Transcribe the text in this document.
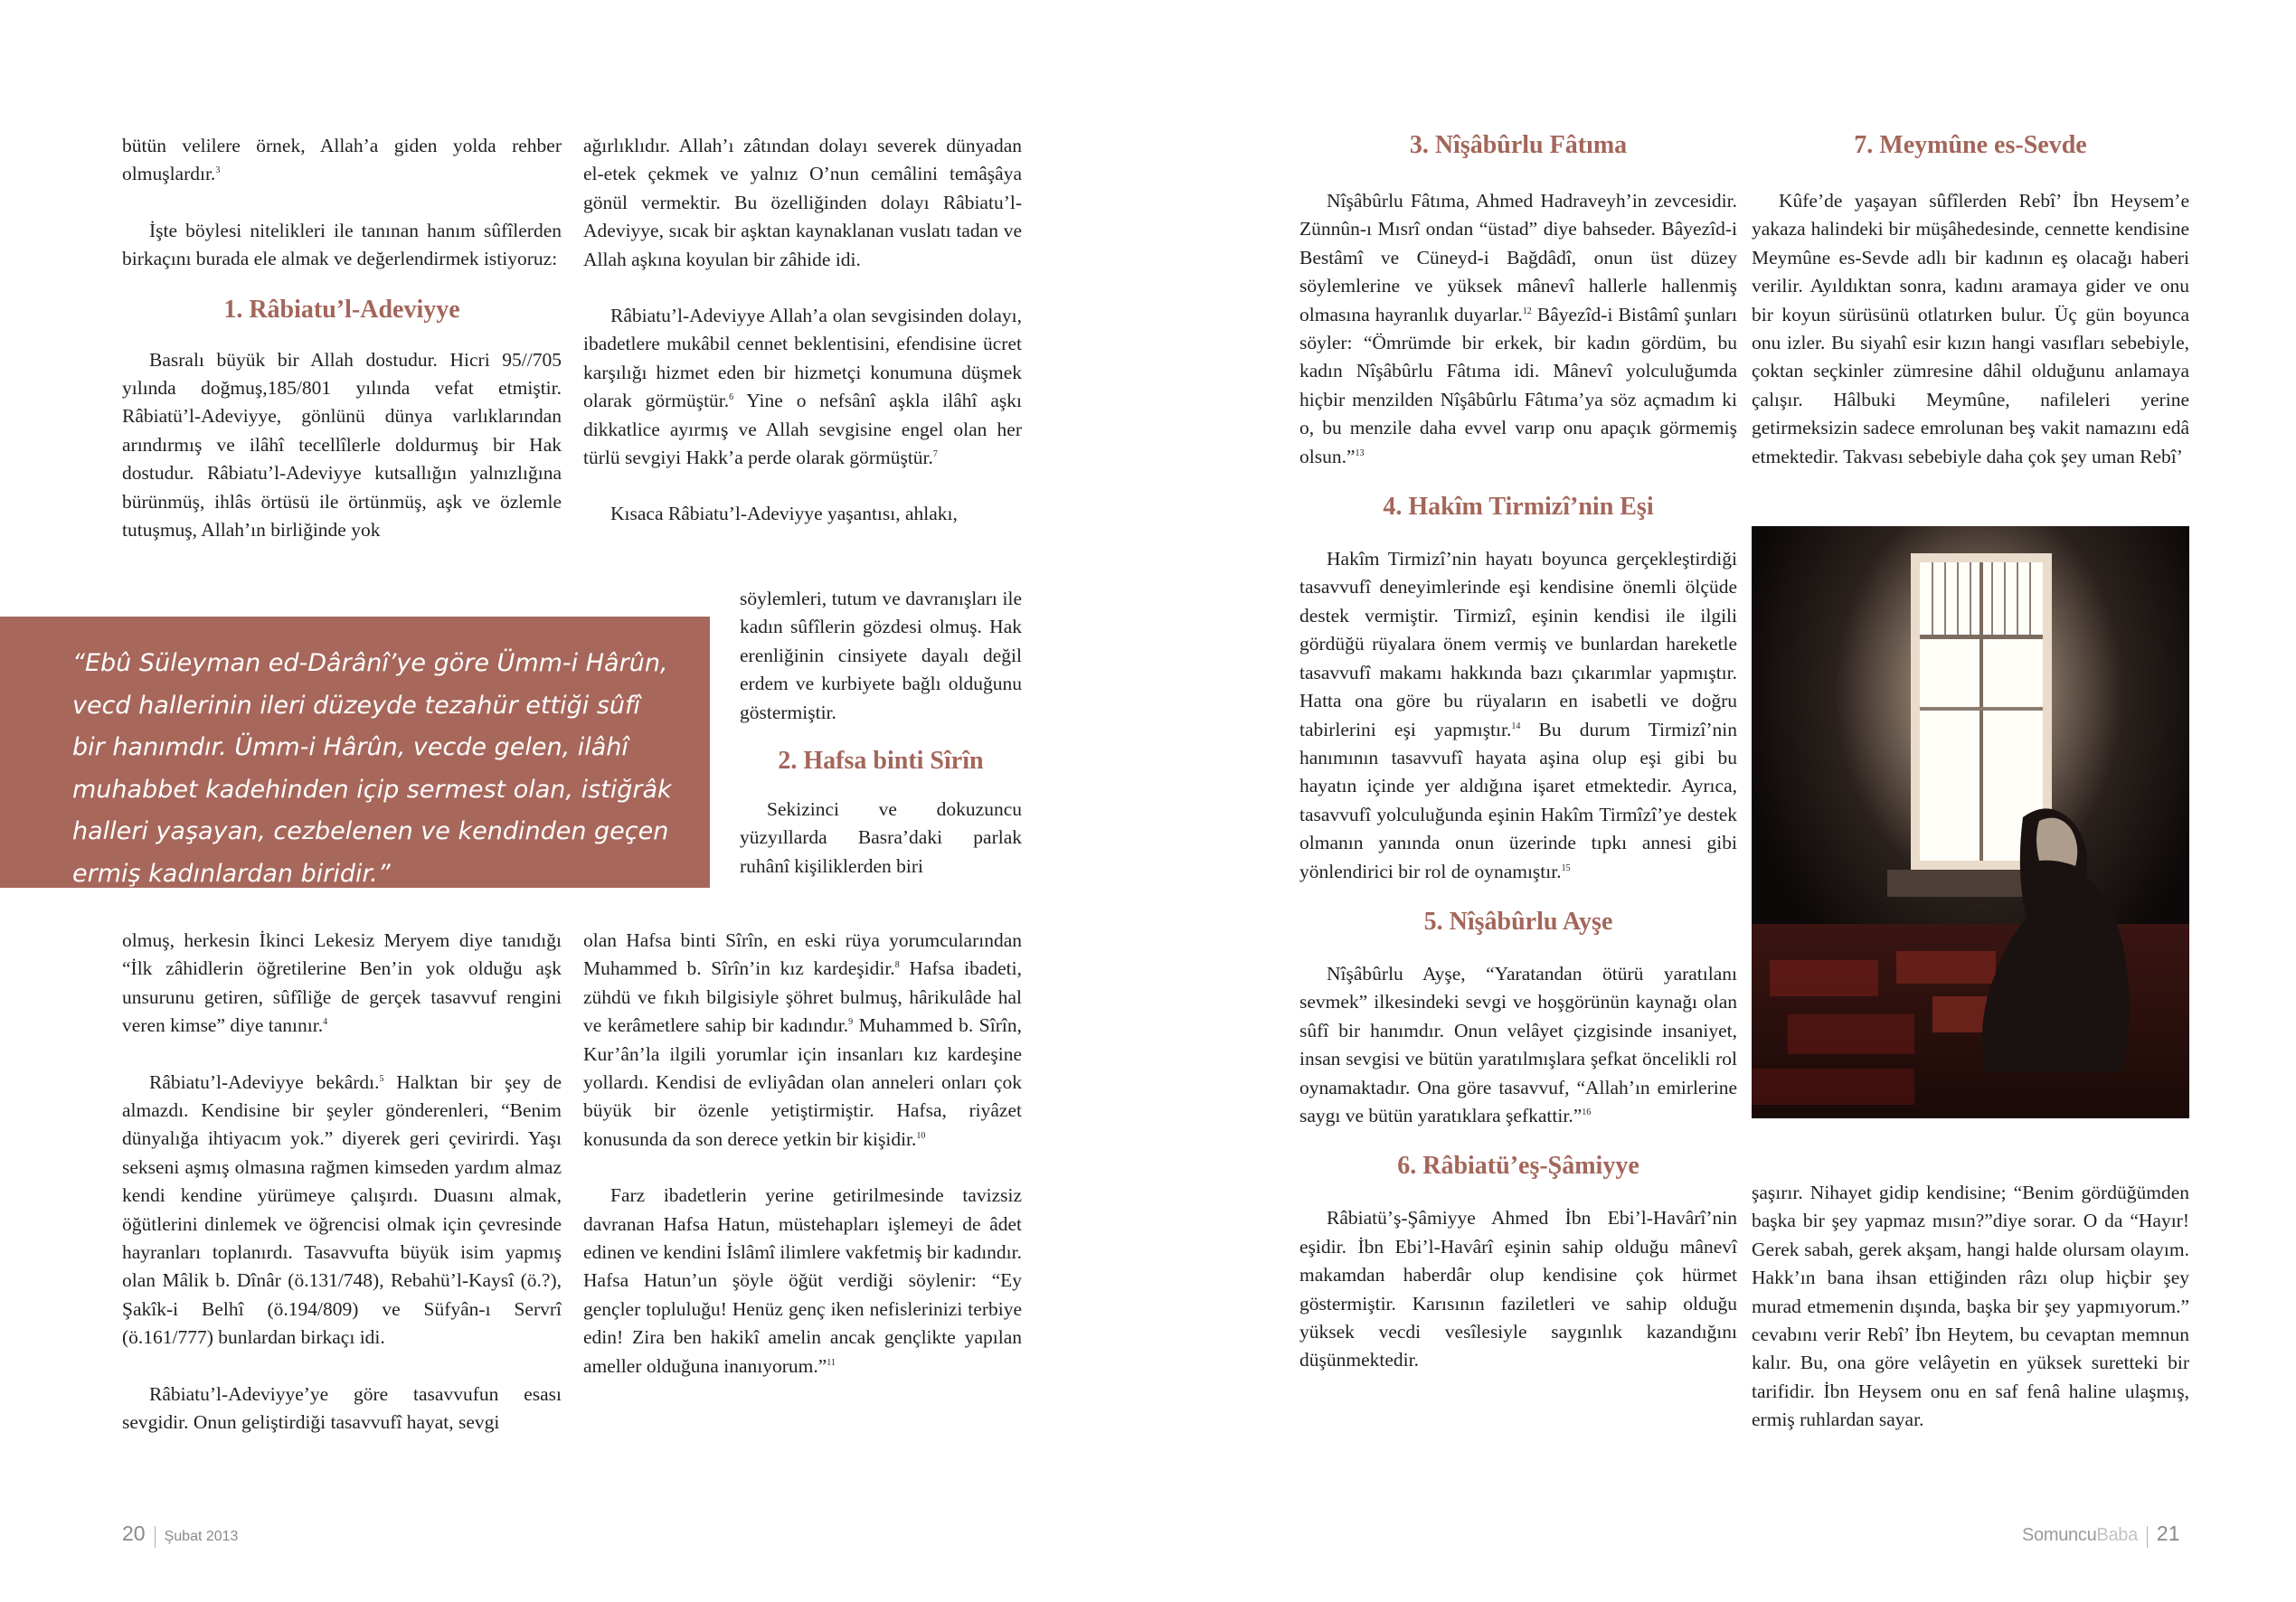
bütün velilere örnek, Allah’a giden yolda rehber olmuşlardır.$^3$

İşte böylesi nitelikleri ile tanınan hanım sûfîlerden birkaçını burada ele almak ve değerlendirmek istiyoruz:

1. Râbiatu’l-Adeviyye

Basralı büyük bir Allah dostudur. Hicri 95//705 yılında doğmuş,185/801 yılında vefat etmiştir. Râbiatü’l-Adeviyye, gönlünü dünya varlıklarından arındırmış ve ilâhî tecellîlerle doldurmuş bir Hak dostudur. Râbiatu’l-Adeviyye kutsallığın yalnızlığına bürünmüş, ihlâs örtüsü ile örtünmüş, aşk ve özlemle tutuşmuş, Allah’ın birliğinde yok

“Ebû Süleyman ed-Dârânî’ye göre Ümm-i Hârûn, vecd hallerinin ileri düzeyde tezahür ettiği sûfî bir hanımdır. Ümm-i Hârûn, vecde gelen, ilâhî muhabbet kadehinden içip sermest olan, istiğrâk halleri yaşayan, cezbelenen ve kendinden geçen ermiş kadınlardan biridir.”

olmuş, herkesin İkinci Lekesiz Meryem diye tanıdığı “İlk zâhidlerin öğretilerine Ben’in yok olduğu aşk unsurunu getiren, sûfîliğe de gerçek tasavvuf rengini veren kimse” diye tanınır.$^4$

Râbiatu’l-Adeviyye bekârdı.$^5$ Halktan bir şey de almazdı. Kendisine bir şeyler gönderenleri, “Benim dünyalığa ihtiyacım yok.” diyerek geri çevirirdi. Yaşı sekseni aşmış olmasına rağmen kimseden yardım almaz kendi kendine yürümeye çalışırdı. Duasını almak, öğütlerini dinlemek ve öğrencisi olmak için çevresinde hayranları toplanırdı. Tasavvufta büyük isim yapmış olan Mâlik b. Dînâr (ö.131/748), Rebahü’l-Kaysî (ö.?), Şakîk-i Belhî (ö.194/809) ve Süfyân-ı Servrî (ö.161/777) bunlardan birkaçı idi.

Râbiatu’l-Adeviyye’ye göre tasavvufun esası sevgidir. Onun geliştirdiği tasavvufî hayat, sevgi

ağırlıklıdır. Allah’ı zâtından dolayı severek dünyadan el-etek çekmek ve yalnız O’nun cemâlini temâşâya gönül vermektir. Bu özelliğinden dolayı Râbiatu’l-Adeviyye, sıcak bir aşktan kaynaklanan vuslatı tadan ve Allah aşkına koyulan bir zâhide idi.

Râbiatu’l-Adeviyye Allah’a olan sevgisinden dolayı, ibadetlere mukâbil cennet beklentisini, efendisine ücret karşılığı hizmet eden bir hizmetçi konumuna düşmek olarak görmüştür.$^6$ Yine o nefsânî aşkla ilâhî aşkı dikkatlice ayırmış ve Allah sevgisine engel olan her türlü sevgiyi Hakk’a perde olarak görmüştür.$^7$

Kısaca Râbiatu’l-Adeviyye yaşantısı, ahlakı,

söylemleri, tutum ve davranışları ile kadın sûfîlerin gözdesi olmuş. Hak erenliğinin cinsiyete dayalı değil erdem ve kurbiyete bağlı olduğunu göstermiştir.

2. Hafsa binti Sîrîn

Sekizinci ve dokuzuncu yüzyıllarda Basra’daki parlak ruhânî kişiliklerden biri

olan Hafsa binti Sîrîn, en eski rüya yorumcularından Muhammed b. Sîrîn’in kız kardeşidir.$^8$ Hafsa ibadeti, zühdü ve fıkıh bilgisiyle şöhret bulmuş, hârikulâde hal ve kerâmetlere sahip bir kadındır.$^9$ Muhammed b. Sîrîn, Kur’ân’la ilgili yorumlar için insanları kız kardeşine yollardı. Kendisi de evliyâdan olan anneleri onları çok büyük bir özenle yetiştirmiştir. Hafsa, riyâzet konusunda da son derece yetkin bir kişidir.$^{10}$

Farz ibadetlerin yerine getirilmesinde tavizsiz davranan Hafsa Hatun, müstehapları işlemeyi de âdet edinen ve kendini İslâmî ilimlere vakfetmiş bir kadındır. Hafsa Hatun’un şöyle öğüt verdiği söylenir: “Ey gençler topluluğu! Henüz genç iken nefislerinizi terbiye edin! Zira ben hakikî amelin ancak gençlikte yapılan ameller olduğuna inanıyorum.”$^{11}$

20 Şubat 2013
3. Nîşâbûrlu Fâtıma

Nîşâbûrlu Fâtıma, Ahmed Hadraveyh’in zevcesidir. Zünnûn-ı Mısrî ondan “üstad” diye bahseder. Bâyezîd-i Bestâmî ve Cüneyd-i Bağdâdî, onun üst düzey söylemlerine ve yüksek mânevî hallerle hallenmiş olmasına hayranlık duyarlar.$^{12}$ Bâyezîd-i Bistâmî şunları söyler: “Ömrümde bir erkek, bir kadın gördüm, bu kadın Nîşâbûrlu Fâtıma idi. Mânevî yolculuğumda hiçbir menzilden Nîşâbûrlu Fâtıma’ya söz açmadım ki o, bu menzile daha evvel varıp onu apaçık görmemiş olsun.”$^{13}$

4. Hakîm Tirmizî’nin Eşi

Hakîm Tirmizî’nin hayatı boyunca gerçekleştirdiği tasavvufî deneyimlerinde eşi kendisine önemli ölçüde destek vermiştir. Tirmizî, eşinin kendisi ile ilgili gördüğü rüyalara önem vermiş ve bunlardan hareketle tasavvufî makamı hakkında bazı çıkarımlar yapmıştır. Hatta ona göre bu rüyaların en isabetli ve doğru tabirlerini eşi yapmıştır.$^{14}$ Bu durum Tirmizî’nin hanımının tasavvufî hayata aşina olup eşi gibi bu hayatın içinde yer aldığına işaret etmektedir. Ayrıca, tasavvufî yolculuğunda eşinin Hakîm Tirmîzî’ye destek olmanın yanında onun üzerinde tıpkı annesi gibi yönlendirici bir rol de oynamıştır.$^{15}$

5. Nîşâbûrlu Ayşe

Nîşâbûrlu Ayşe, “Yaratandan ötürü yaratılanı sevmek” ilkesindeki sevgi ve hoşgörünün kaynağı olan sûfî bir hanımdır. Onun velâyet çizgisinde insaniyet, insan sevgisi ve bütün yaratılmışlara şefkat öncelikli rol oynamaktadır. Ona göre tasavvuf, “Allah’ın emirlerine saygı ve bütün yaratıklara şefkattir.”$^{16}$

6. Râbiatü’eş-Şâmiyye

Râbiatü’ş-Şâmiyye Ahmed İbn Ebi’l-Havârî’nin eşidir. İbn Ebi’l-Havârî eşinin sahip olduğu mânevî makamdan haberdâr olup kendisine çok hürmet göstermiştir. Karısının faziletleri ve sahip olduğu yüksek vecdi vesîlesiyle saygınlık kazandığını düşünmektedir.

7. Meymûne es-Sevde

Kûfe’de yaşayan sûfîlerden Rebî’ İbn Heysem’e yakaza halindeki bir müşâhedesinde, cennette kendisine Meymûne es-Sevde adlı bir kadının eş olacağı haberi verilir. Ayıldıktan sonra, kadını aramaya gider ve onu bir koyun sürüsünü otlatırken bulur. Üç gün boyunca onu izler. Bu siyahî esir kızın hangi vasıfları sebebiyle, çoktan seçkinler zümresine dâhil olduğunu anlamaya çalışır. Hâlbuki Meymûne, nafileleri yerine getirmeksizin sadece emrolunan beş vakit namazını edâ etmektedir. Takvası sebebiyle daha çok şey uman Rebî’

şaşırır. Nihayet gidip kendisine; “Benim gördüğümden başka bir şey yapmaz mısın?”diye sorar. O da “Hayır! Gerek sabah, gerek akşam, hangi halde olursam olayım. Hakk’ın bana ihsan ettiğinden râzı olup hiçbir şey murad etmemenin dışında, başka bir şey yapmıyorum.” cevabını verir Rebî’ İbn Heytem, bu cevaptan memnun kalır. Bu, ona göre velâyetin en yüksek suretteki bir tarifidir. İbn Heysem onu en saf fenâ haline ulaşmış, ermiş ruhlardan sayar.

SomuncuBaba 21
